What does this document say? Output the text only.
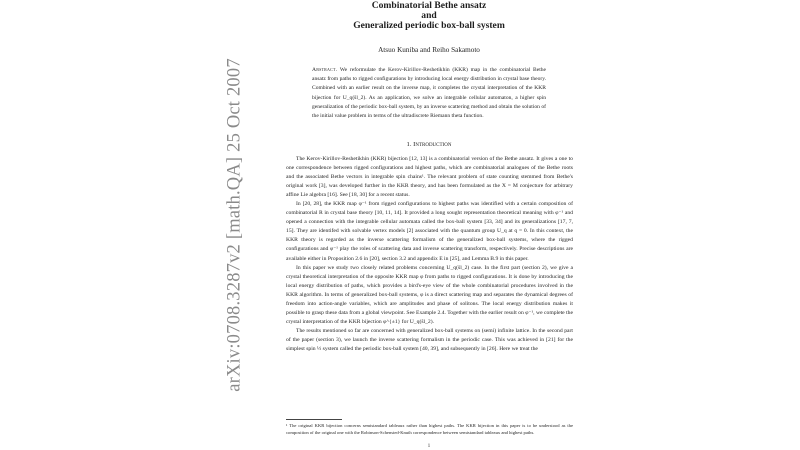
arXiv:0708.3287v2 [math.QA] 25 Oct 2007
Combinatorial Bethe ansatz
and
Generalized periodic box-ball system
Atsuo Kuniba and Reiho Sakamoto
Abstract. We reformulate the Kerov-Kirillov-Reshetikhin (KKR) map in the combinatorial Bethe ansatz from paths to rigged configurations by introducing local energy distribution in crystal base theory. Combined with an earlier result on the inverse map, it completes the crystal interpretation of the KKR bijection for U_q(ŝl_2). As an application, we solve an integrable cellular automaton, a higher spin generalization of the periodic box-ball system, by an inverse scattering method and obtain the solution of the initial value problem in terms of the ultradiscrete Riemann theta function.
1. Introduction

The Kerov-Kirillov-Reshetikhin (KKR) bijection [12, 13] is a combinatorial version of the Bethe ansatz. It gives a one to one correspondence between rigged configurations and highest paths, which are combinatorial analogues of the Bethe roots and the associated Bethe vectors in integrable spin chains¹. The relevant problem of state counting stemmed from Bethe's original work [3], was developed further in the KKR theory, and has been formulated as the X = M conjecture for arbitrary affine Lie algebra [16]. See [18, 30] for a recent status.

In [20, 28], the KKR map φ⁻¹ from rigged configurations to highest paths was identified with a certain composition of combinatorial R in crystal base theory [10, 11, 14]. It provided a long sought representation theoretical meaning with φ⁻¹ and opened a connection with the integrable cellular automata called the box-ball system [33, 34] and its generalizations [17, 7, 15]. They are identifed with solvable vertex models [2] associated with the quantum group U_q at q = 0. In this context, the KKR theory is regarded as the inverse scattering formalism of the generalized box-ball systems, where the rigged configurations and φ⁻¹ play the roles of scattering data and inverse scattering transform, respectively. Precise descriptions are available either in Proposition 2.6 in [20], section 3.2 and appendix E in [25], and Lemma B.9 in this paper.

In this paper we study two closely related problems concerning U_q(ŝl_2) case. In the first part (section 2), we give a crystal theoretical interpretation of the opposite KKR map φ from paths to rigged configurations. It is done by introducing the local energy distribution of paths, which provides a bird's-eye view of the whole combinatorial procedures involved in the KKR algorithm. In terms of generalized box-ball systems, φ is a direct scattering map and separates the dynamical degrees of freedom into action-angle variables, which are amplitudes and phase of solitons. The local energy distribution makes it possible to grasp these data from a global viewpoint. See Example 2.4. Together with the earlier result on φ⁻¹, we complete the crystal interpretation of the KKR bijection φ^{±1} for U_q(ŝl_2).

The results mentioned so far are concerned with generalized box-ball systems on (semi) infinite lattice. In the second part of the paper (section 3), we launch the inverse scattering formalism in the periodic case. This was achieved in [21] for the simplest spin ½ system called the periodic box-ball system [40, 39], and subsequently in [26]. Here we treat the

¹ The original KKR bijection concerns semistandard tableaux rather than highest paths. The KKR bijection in this paper is to be understood as the composition of the original one with the Robinson-Schensted-Knuth correspondence between semistandard tableaux and highest paths.
1
